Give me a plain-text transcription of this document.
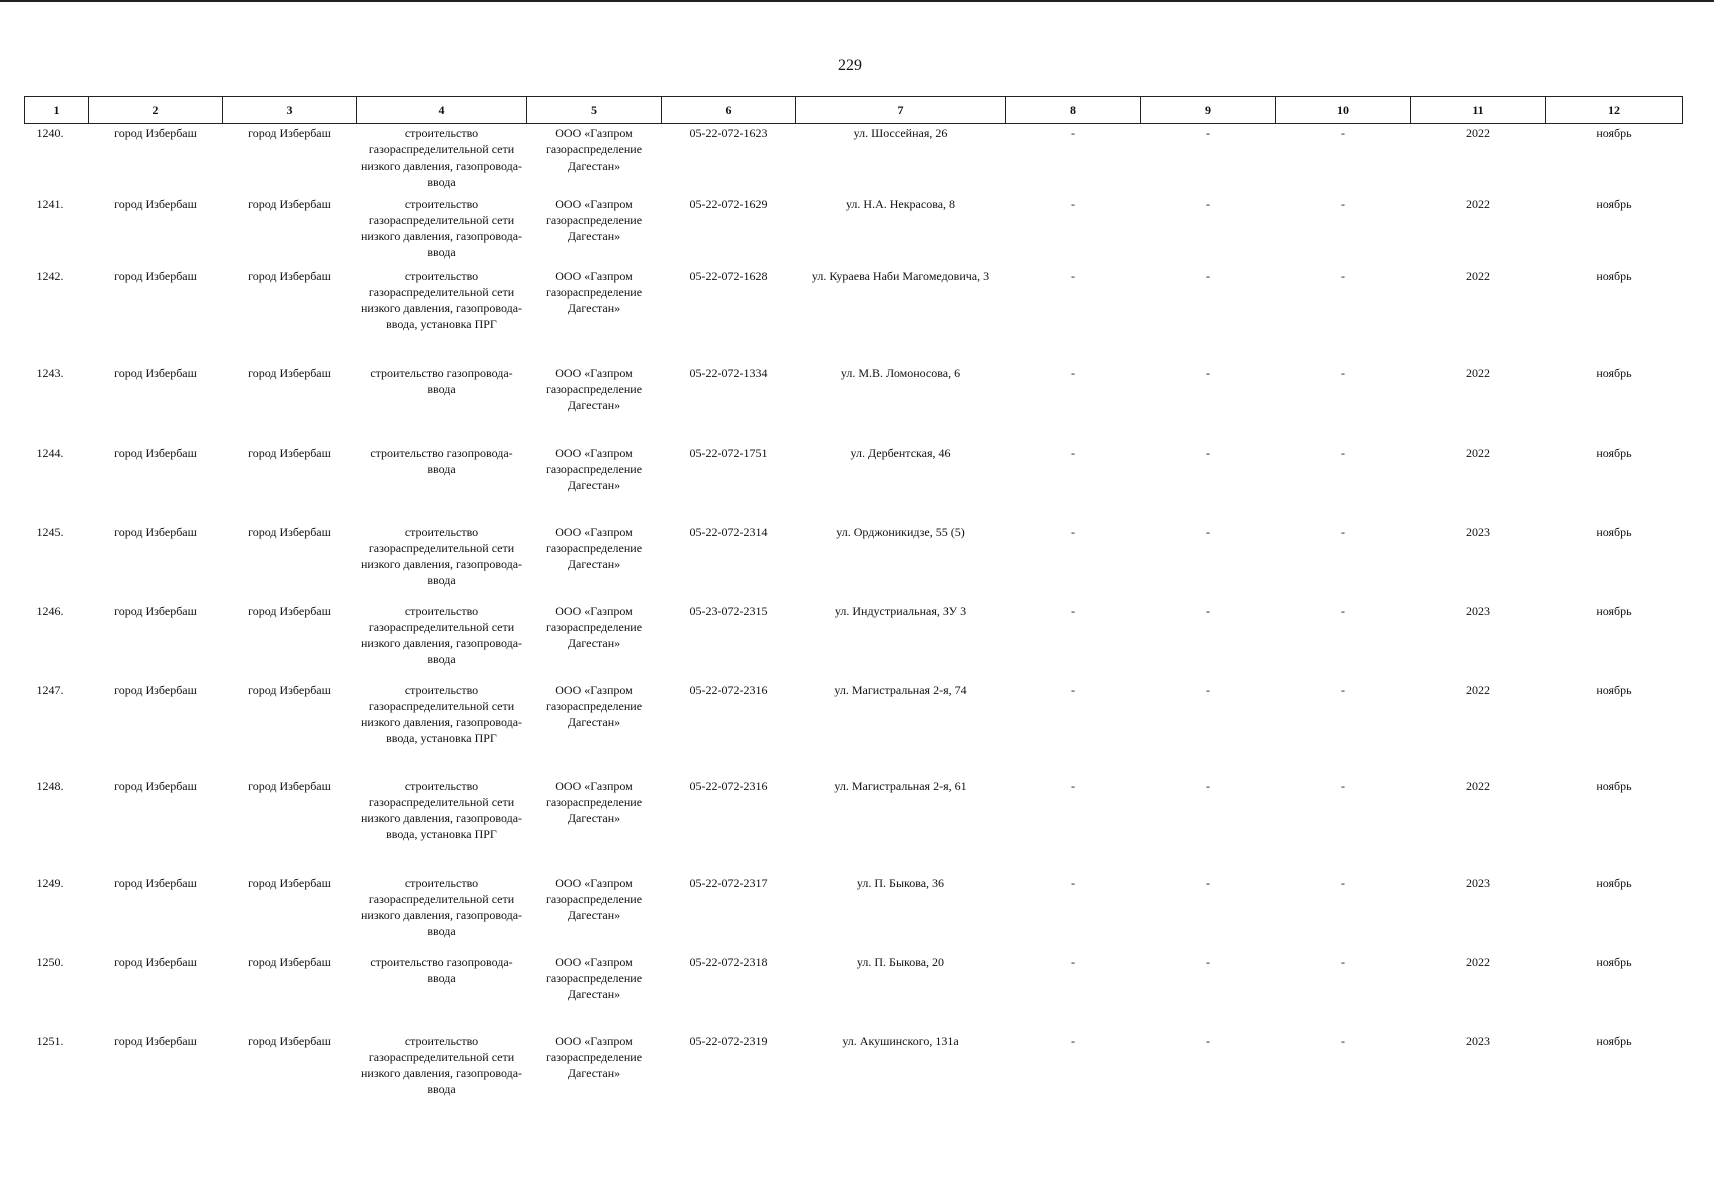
229
1	2	3	4	5	6	7	8	9	10	11	12
1240.	город Избербаш	город Избербаш	строительство газораспределительной сети низкого давления, газопровода-ввода	ООО «Газпром газораспределение Дагестан»	05-22-072-1623	ул. Шоссейная, 26	-	-	-	2022	ноябрь
1241.	город Избербаш	город Избербаш	строительство газораспределительной сети низкого давления, газопровода-ввода	ООО «Газпром газораспределение Дагестан»	05-22-072-1629	ул. Н.А. Некрасова, 8	-	-	-	2022	ноябрь
1242.	город Избербаш	город Избербаш	строительство газораспределительной сети низкого давления, газопровода-ввода, установка ПРГ	ООО «Газпром газораспределение Дагестан»	05-22-072-1628	ул. Кураева Наби Магомедовича, 3	-	-	-	2022	ноябрь
1243.	город Избербаш	город Избербаш	строительство газопровода-ввода	ООО «Газпром газораспределение Дагестан»	05-22-072-1334	ул. М.В. Ломоносова, 6	-	-	-	2022	ноябрь
1244.	город Избербаш	город Избербаш	строительство газопровода-ввода	ООО «Газпром газораспределение Дагестан»	05-22-072-1751	ул. Дербентская, 46	-	-	-	2022	ноябрь
1245.	город Избербаш	город Избербаш	строительство газораспределительной сети низкого давления, газопровода-ввода	ООО «Газпром газораспределение Дагестан»	05-22-072-2314	ул. Орджоникидзе, 55 (5)	-	-	-	2023	ноябрь
1246.	город Избербаш	город Избербаш	строительство газораспределительной сети низкого давления, газопровода-ввода	ООО «Газпром газораспределение Дагестан»	05-23-072-2315	ул. Индустриальная, ЗУ 3	-	-	-	2023	ноябрь
1247.	город Избербаш	город Избербаш	строительство газораспределительной сети низкого давления, газопровода-ввода, установка ПРГ	ООО «Газпром газораспределение Дагестан»	05-22-072-2316	ул. Магистральная 2-я, 74	-	-	-	2022	ноябрь
1248.	город Избербаш	город Избербаш	строительство газораспределительной сети низкого давления, газопровода-ввода, установка ПРГ	ООО «Газпром газораспределение Дагестан»	05-22-072-2316	ул. Магистральная 2-я, 61	-	-	-	2022	ноябрь
1249.	город Избербаш	город Избербаш	строительство газораспределительной сети низкого давления, газопровода-ввода	ООО «Газпром газораспределение Дагестан»	05-22-072-2317	ул. П. Быкова, 36	-	-	-	2023	ноябрь
1250.	город Избербаш	город Избербаш	строительство газопровода-ввода	ООО «Газпром газораспределение Дагестан»	05-22-072-2318	ул. П. Быкова, 20	-	-	-	2022	ноябрь
1251.	город Избербаш	город Избербаш	строительство газораспределительной сети низкого давления, газопровода-ввода	ООО «Газпром газораспределение Дагестан»	05-22-072-2319	ул. Акушинского, 131а	-	-	-	2023	ноябрь
